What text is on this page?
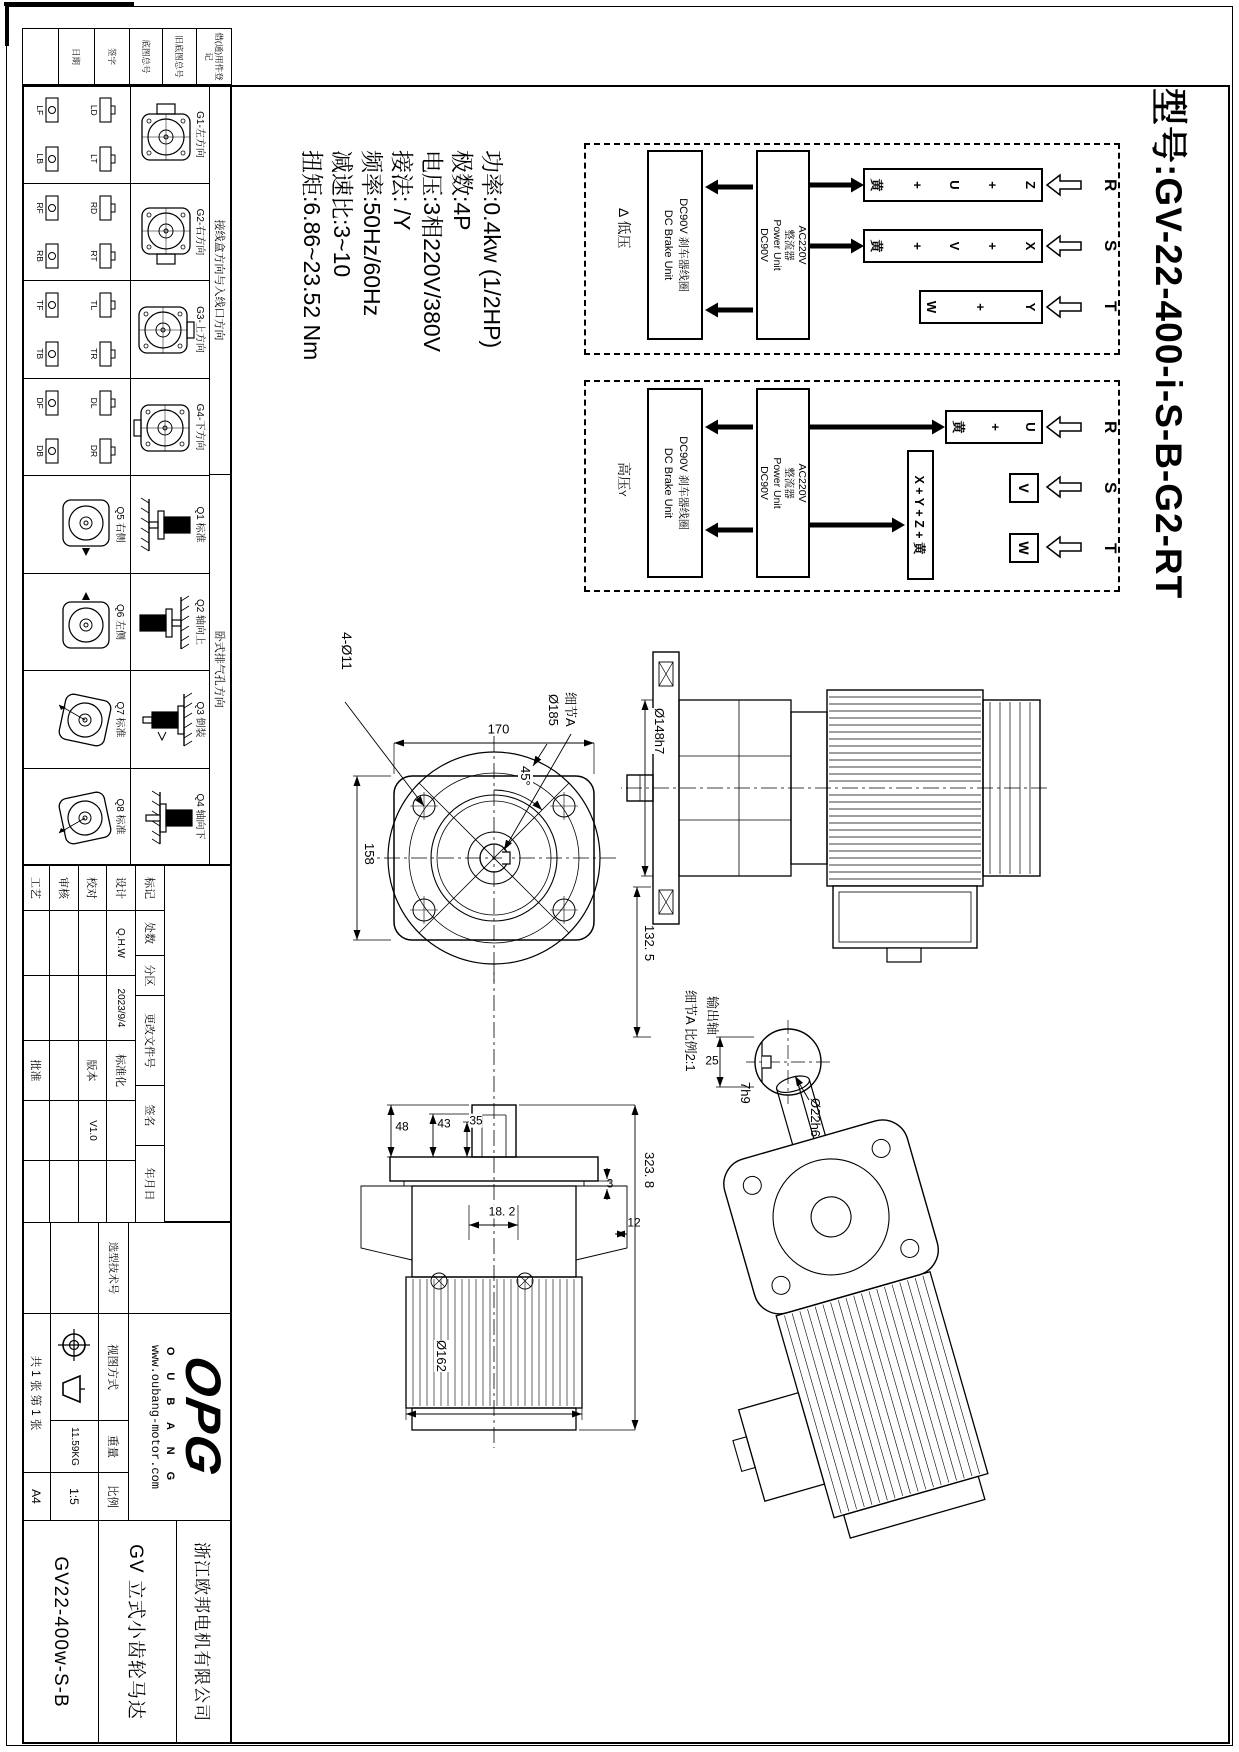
借(通)用件登记
旧底图总号
底图总号
签字
日期
型号:GV-22-400-i-S-B-G2-RT
功率:0.4kw (1/2HP)
极数:4P
电压:3相220V/380V
接法: /Y
频率:50Hz/60Hz
减速比:3~10
扭矩:6.86~23.52 Nm	R
S
T
Z
+
U
+
黄
X
+
V
+
黄
Y
+
W
AC220V
整流器
Power Unit
DC90V
DC90V 刹车器线圈
DC Brake Unit
Δ 低压
R
S
T
U
+
黄
V
W
X + Y + Z + 黄
AC220V
整流器
Power Unit
DC90V
DC90V 刹车器线圈
DC Brake Unit
高压Y
4-Ø11
170
158
Ø185 细节A
45°
132. 5
Ø148h7
323. 8
48 43 35
18. 2
3
12
Ø162
25
Ø22h6
7h9
输出轴
细节A 比例2:1
接线盒方向与入线口方向
卧式排气孔方向
G1-左方向
LD
LT
LF
LB
G2-右方向
RD
RT
RF
RB
G3-上方向
TL
TR
TF
TB
G4-下方向
DL
DR
DF
DB
Q1 标准
Q5 右侧
Q2 轴向上
Q6 左侧
Q3 倒装
Q7 标准
Q4 轴向下
Q8 标准
标记
处数
分区
更改文件号
签名
年月日
设计
Q.H.W
2023/9/4
标准化
校对
版本
V1.0
审核
工艺
批准
OPG
O U B A N G
www.oubang-motor.com
选型技术号
视图方式
重量
比例
11.59KG
1:5
共 1 张 第 1 张
A4
浙江欧邦电机有限公司
GV 立式小齿轮马达
GV22-400w-S-B
